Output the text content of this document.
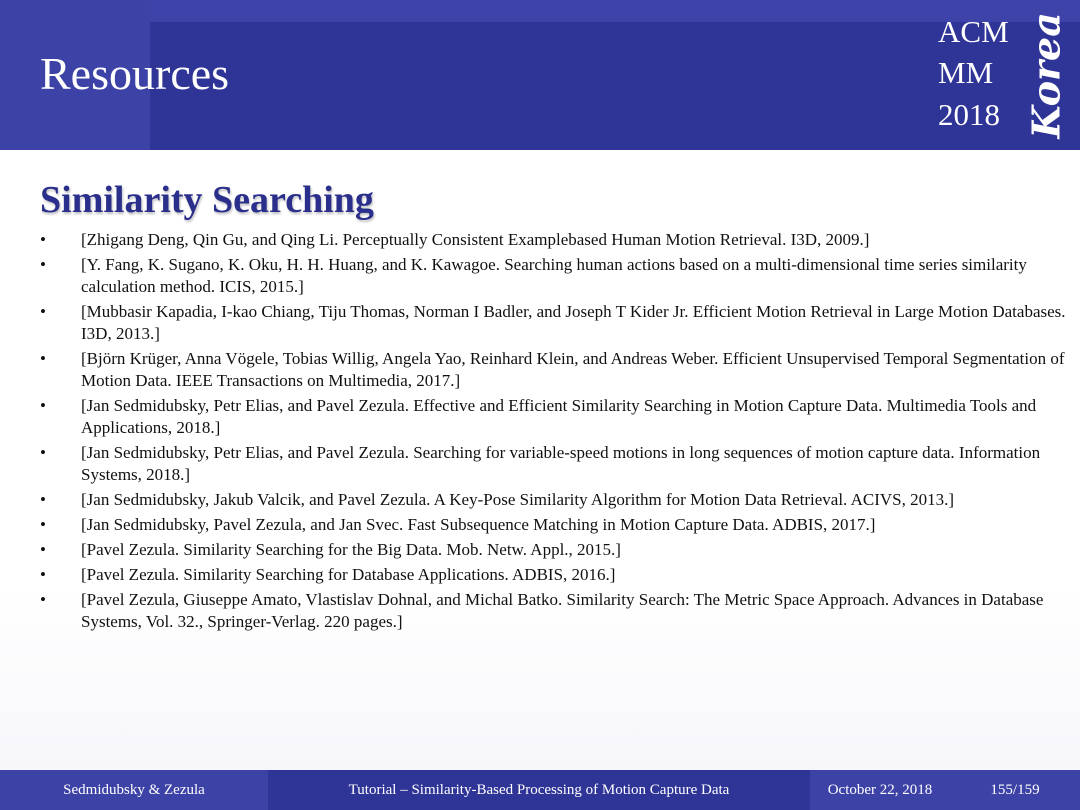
Resources
ACM
MM
2018 Korea
Similarity Searching
• [Zhigang Deng, Qin Gu, and Qing Li. Perceptually Consistent Examplebased Human Motion Retrieval. I3D, 2009.]
• [Y. Fang, K. Sugano, K. Oku, H. H. Huang, and K. Kawagoe. Searching human actions based on a multi-dimensional time series similarity calculation method. ICIS, 2015.]
• [Mubbasir Kapadia, I-kao Chiang, Tiju Thomas, Norman I Badler, and Joseph T Kider Jr. Efficient Motion Retrieval in Large Motion Databases. I3D, 2013.]
• [Björn Krüger, Anna Vögele, Tobias Willig, Angela Yao, Reinhard Klein, and Andreas Weber. Efficient Unsupervised Temporal Segmentation of Motion Data. IEEE Transactions on Multimedia, 2017.]
• [Jan Sedmidubsky, Petr Elias, and Pavel Zezula. Effective and Efficient Similarity Searching in Motion Capture Data. Multimedia Tools and Applications, 2018.]
• [Jan Sedmidubsky, Petr Elias, and Pavel Zezula. Searching for variable-speed motions in long sequences of motion capture data. Information Systems, 2018.]
• [Jan Sedmidubsky, Jakub Valcik, and Pavel Zezula. A Key-Pose Similarity Algorithm for Motion Data Retrieval. ACIVS, 2013.]
• [Jan Sedmidubsky, Pavel Zezula, and Jan Svec. Fast Subsequence Matching in Motion Capture Data. ADBIS, 2017.]
• [Pavel Zezula. Similarity Searching for the Big Data. Mob. Netw. Appl., 2015.]
• [Pavel Zezula. Similarity Searching for Database Applications. ADBIS, 2016.]
• [Pavel Zezula, Giuseppe Amato, Vlastislav Dohnal, and Michal Batko. Similarity Search: The Metric Space Approach. Advances in Database Systems, Vol. 32., Springer-Verlag. 220 pages.]
Sedmidubsky & Zezula	Tutorial – Similarity-Based Processing of Motion Capture Data	October 22, 2018	155/159
